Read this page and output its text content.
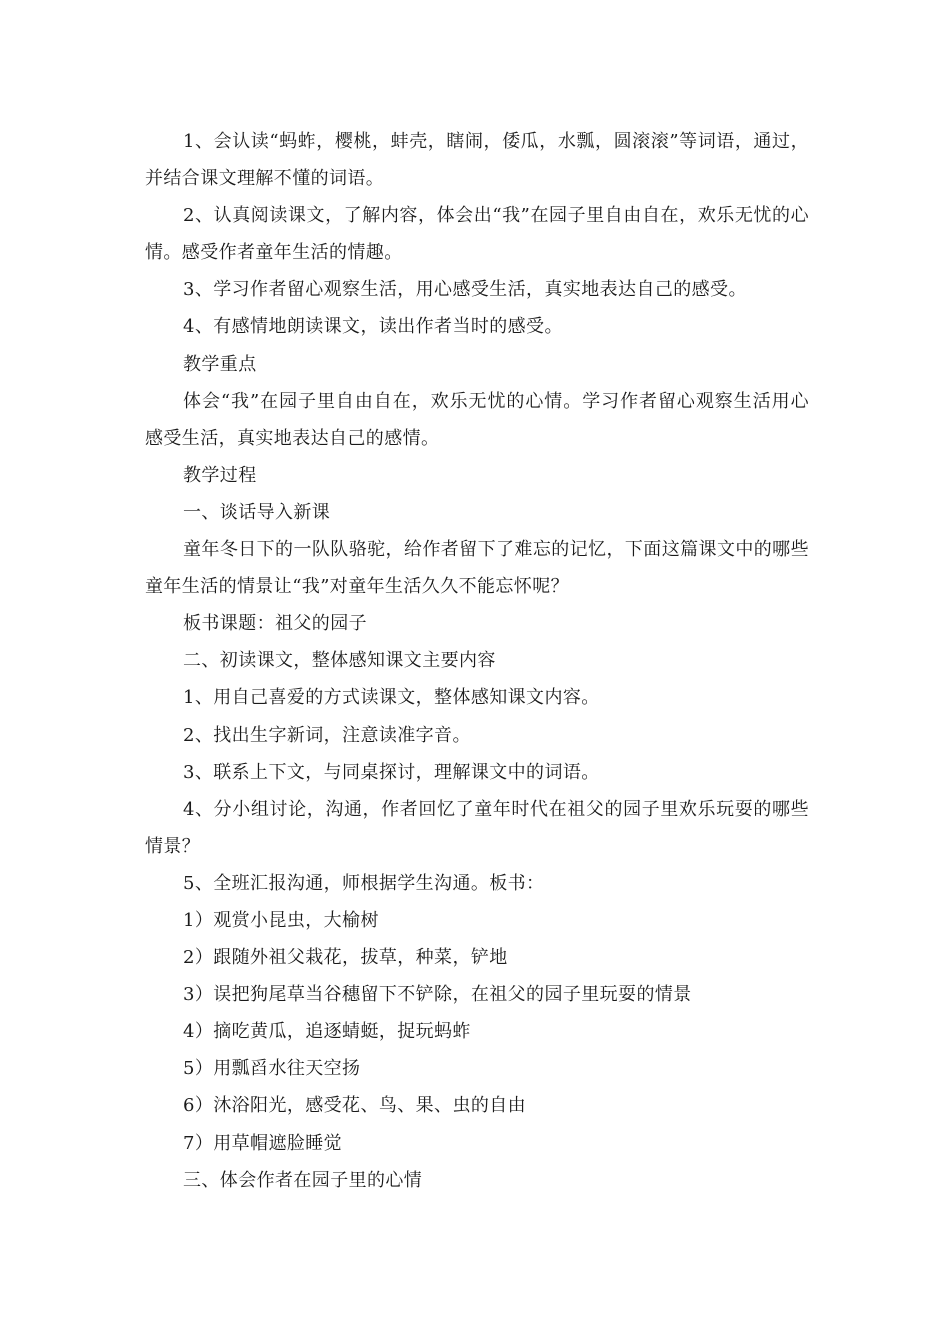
1、会认读“蚂蚱，樱桃，蚌壳，瞎闹，倭瓜，水瓢，圆滚滚”等词语，通过，并结合课文理解不懂的词语。

2、认真阅读课文，了解内容，体会出“我”在园子里自由自在，欢乐无忧的心情。感受作者童年生活的情趣。

3、学习作者留心观察生活，用心感受生活，真实地表达自己的感受。

4、有感情地朗读课文，读出作者当时的感受。

教学重点

体会“我”在园子里自由自在，欢乐无忧的心情。学习作者留心观察生活用心感受生活，真实地表达自己的感情。

教学过程

一、谈话导入新课

童年冬日下的一队队骆驼，给作者留下了难忘的记忆，下面这篇课文中的哪些童年生活的情景让“我”对童年生活久久不能忘怀呢？

板书课题：祖父的园子

二、初读课文，整体感知课文主要内容

1、用自己喜爱的方式读课文，整体感知课文内容。

2、找出生字新词，注意读准字音。

3、联系上下文，与同桌探讨，理解课文中的词语。

4、分小组讨论，沟通，作者回忆了童年时代在祖父的园子里欢乐玩耍的哪些情景？

5、全班汇报沟通，师根据学生沟通。板书：

1）观赏小昆虫，大榆树

2）跟随外祖父栽花，拔草，种菜，铲地

3）误把狗尾草当谷穗留下不铲除，在祖父的园子里玩耍的情景

4）摘吃黄瓜，追逐蜻蜓，捉玩蚂蚱

5）用瓢舀水往天空扬

6）沐浴阳光，感受花、鸟、果、虫的自由

7）用草帽遮脸睡觉

三、体会作者在园子里的心情
